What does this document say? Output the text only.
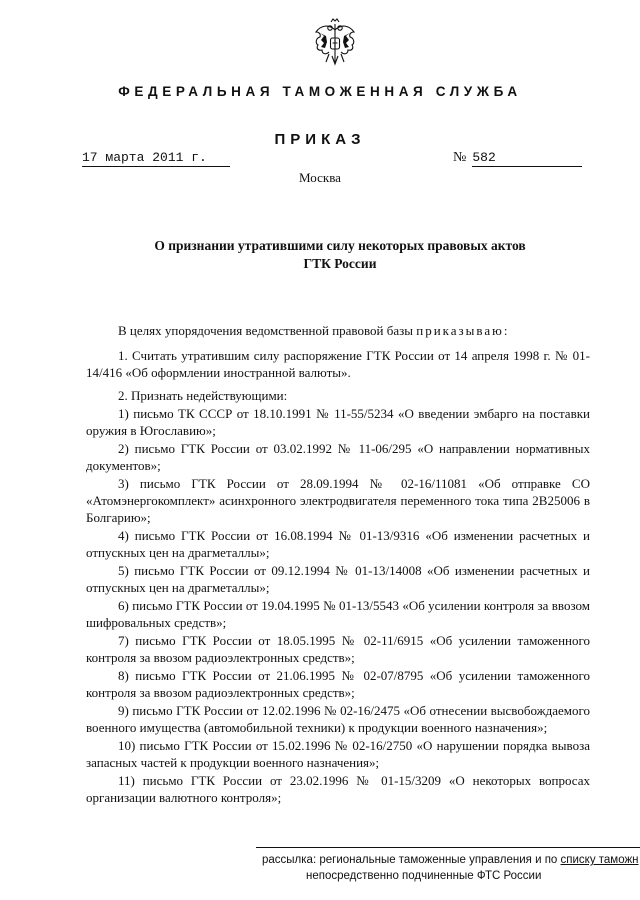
ФЕДЕРАЛЬНАЯ ТАМОЖЕННАЯ СЛУЖБА
ПРИКАЗ
17 марта 2011 г.	№ 582
Москва
О признании утратившими силу некоторых правовых актов
ГТК России

В целях упорядочения ведомственной правовой базы приказываю:

1. Считать утратившим силу распоряжение ГТК России от 14 апреля 1998 г. № 01-14/416 «Об оформлении иностранной валюты».

2. Признать недействующими:

1) письмо ТК СССР от 18.10.1991 № 11-55/5234 «О введении эмбарго на поставки оружия в Югославию»;

2) письмо ГТК России от 03.02.1992 № 11-06/295 «О направлении нормативных документов»;

3) письмо ГТК России от 28.09.1994 № 02-16/11081 «Об отправке СО «Атомэнергокомплект» асинхронного электродвигателя переменного тока типа 2В25006 в Болгарию»;

4) письмо ГТК России от 16.08.1994 № 01-13/9316 «Об изменении расчетных и отпускных цен на драгметаллы»;

5) письмо ГТК России от 09.12.1994 № 01-13/14008 «Об изменении расчетных и отпускных цен на драгметаллы»;

6) письмо ГТК России от 19.04.1995 № 01-13/5543 «Об усилении контроля за ввозом шифровальных средств»;

7) письмо ГТК России от 18.05.1995 № 02-11/6915 «Об усилении таможенного контроля за ввозом радиоэлектронных средств»;

8) письмо ГТК России от 21.06.1995 № 02-07/8795 «Об усилении таможенного контроля за ввозом радиоэлектронных средств»;

9) письмо ГТК России от 12.02.1996 № 02-16/2475 «Об отнесении высвобождаемого военного имущества (автомобильной техники) к продукции военного назначения»;

10) письмо ГТК России от 15.02.1996 № 02-16/2750 «О нарушении порядка вывоза запасных частей к продукции военного назначения»;

11) письмо ГТК России от 23.02.1996 № 01-15/3209 «О некоторых вопросах организации валютного контроля»;

рассылка: региональные таможенные управления и по списку таможн
непосредственно подчиненные ФТС России
